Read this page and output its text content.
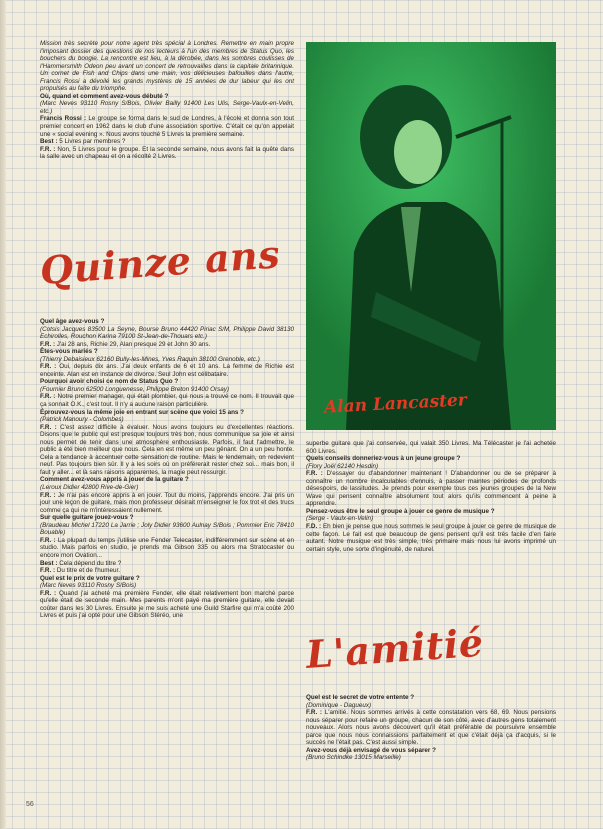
Mission très secrète pour notre agent très spécial à Londres. Remettre en main propre l'imposant dossier des questions de nos lecteurs à l'un des membres de Status Quo, les bouchers du boogie. La rencontre est lieu, à la dérobée, dans les sombres coulisses de l'Hammersmith Odeon peu avant un concert de retrouvailles dans la capitale britannique. Un cornet de Fish and Chips dans une main, vos délicieuses bafouilles dans l'autre, Francis Rossi a dévoilé les grands mystères de 15 années de dur labeur qui les ont propulsés au faîte du triomphe.

Où, quand et comment avez-vous débuté ?
(Marc Neves 93110 Rosny S/Bois, Olivier Bailly 91400 Les Ulis, Serge-Vaulx-en-Velin, etc.)
Francis Rossi : Le groupe se forma dans le sud de Londres, à l'école et donna son tout premier concert en 1962 dans le club d'une association sportive. C'était ce qu'on appelait une « social evening ». Nous avons touché 5 Livres la première semaine.

Best : 5 Livres par membres ?
F.R. : Non, 5 Livres pour le groupe. Et la seconde semaine, nous avons fait la quête dans la salle avec un chapeau et on a récolté 2 Livres.

Quinze ans

Quel âge avez-vous ?
(Cotsis Jacques 83500 La Seyne, Bourse Bruno 44420 Piriac S/M, Philippe David 38130 Echirolles, Rouchon Karina 79100 St-Jean-de-Thouars etc.)
F.R. : J'ai 28 ans, Richie 29, Alan presque 29 et John 30 ans.

Êtes-vous mariés ?
(Thierry Debaisieux 62160 Bully-les-Mines, Yves Raquin 38100 Grenoble, etc.)
F.R. : Oui, depuis dix ans. J'ai deux enfants de 6 et 10 ans. La femme de Richie est enceinte. Alan est en instance de divorce. Seul John est célibataire.

Pourquoi avoir choisi ce nom de Status Quo ?
(Fournier Bruno 62500 Longuenesse, Philippe Breton 91400 Orsay)
F.R. : Notre premier manager, qui était plombier, qui nous a trouvé ce nom. Il trouvait que ça sonnait O.K., c'est tout. Il n'y a aucune raison particulière.

Éprouvez-vous la même joie en entrant sur scène que voici 15 ans ?
(Patrick Manoury - Colombes)
F.R. : C'est assez difficile à évaluer. Nous avons toujours eu d'excellentes réactions. Disons que le public qui est presque toujours très bon, nous communique sa joie et ainsi nous permet de tenir dans une atmosphère enthousiaste. Parfois, il faut l'admettre, le public a été bien meilleur que nous. Cela en est même un peu gênant. On a un peu honte. Cela a tendance à accentuer cette sensation de routine. Mais le lendemain, on redevient neuf. Pas toujours bien sûr. Il y a les soirs où on préférerait rester chez soi... mais bon, il faut y aller... et là sans raisons apparentes, la magie peut ressurgir.

Comment avez-vous appris à jouer de la guitare ?
(Leroux Didier 42800 Rive-de-Gier)
F.R. : Je n'ai pas encore appris à en jouer. Tout du moins, j'apprends encore. J'ai pris un jour une leçon de guitare, mais mon professeur désirait m'enseigner le fox trot et des trucs comme ça qui ne m'intéressaient nullement.

Sur quelle guitare jouez-vous ?
(Braudeau Michel 17220 La Jarrie ; Joly Didier 93600 Aulnay S/Bois ; Pommier Eric 78410 Bouable)
F.R. : La plupart du temps j'utilise une Fender Telecaster, indifféremment sur scène et en studio. Mais parfois en studio, je prends ma Gibson 335 ou alors ma Stratocaster ou encore mon Ovation...

Best : Cela dépend du titre ?
F.R. : Du titre et de l'humeur.

Quel est le prix de votre guitare ?
(Marc Neves 93110 Rosny S/Bois)
F.R. : Quand j'ai acheté ma première Fender, elle était relativement bon marché parce qu'elle était de seconde main. Mes parents m'ont payé ma première guitare, elle devait coûter dans les 30 Livres. Ensuite je me suis acheté une Guild Starfire qui m'a coûté 200 Livres et puis j'ai opté pour une Gibson Stéréo, une

Alan Lancaster

superbe guitare que j'ai conservée, qui valait 350 Livres. Ma Télécaster je l'ai achetée 600 Livres.

Quels conseils donneriez-vous à un jeune groupe ?
(Flory Joël 62140 Hesdin)
F.R. : D'essayer ou d'abandonner maintenant ! D'abandonner ou de se préparer à connaître un nombre incalculables d'ennuis, à passer maintes périodes de profonds désespoirs, de lassitudes. Je prends pour exemple tous ces jeunes groupes de la New Wave qui pensent connaître absolument tout alors qu'ils commencent à peine à apprendre.

Pensez-vous être le seul groupe à jouer ce genre de musique ?
(Serge - Vaulx-en-Velin)
F.D. : Eh bien je pense que nous sommes le seul groupe à jouer ce genre de musique de cette façon. Le fait est que beaucoup de gens pensent qu'il est très facile d'en faire autant. Notre musique est très simple, très primaire mais nous lui avons imprimé un certain style, une sorte d'ingénuité, de naturel.

L'amitié

Quel est le secret de votre entente ?
(Dominique - Dagueux)
F.R. : L'amitié. Nous sommes arrivés à cette constatation vers 68, 69. Nous pensions nous séparer pour refaire un groupe, chacun de son côté, avec d'autres gens totalement nouveaux. Alors nous avons découvert qu'il était préférable de poursuivre ensemble parce que nous nous connaissions parfaitement et que c'était déjà ça d'acquis, si le succès ne l'était pas. C'est aussi simple.

Avez-vous déjà envisagé de vous séparer ?
(Bruno Schindke 13015 Marseille)

56
